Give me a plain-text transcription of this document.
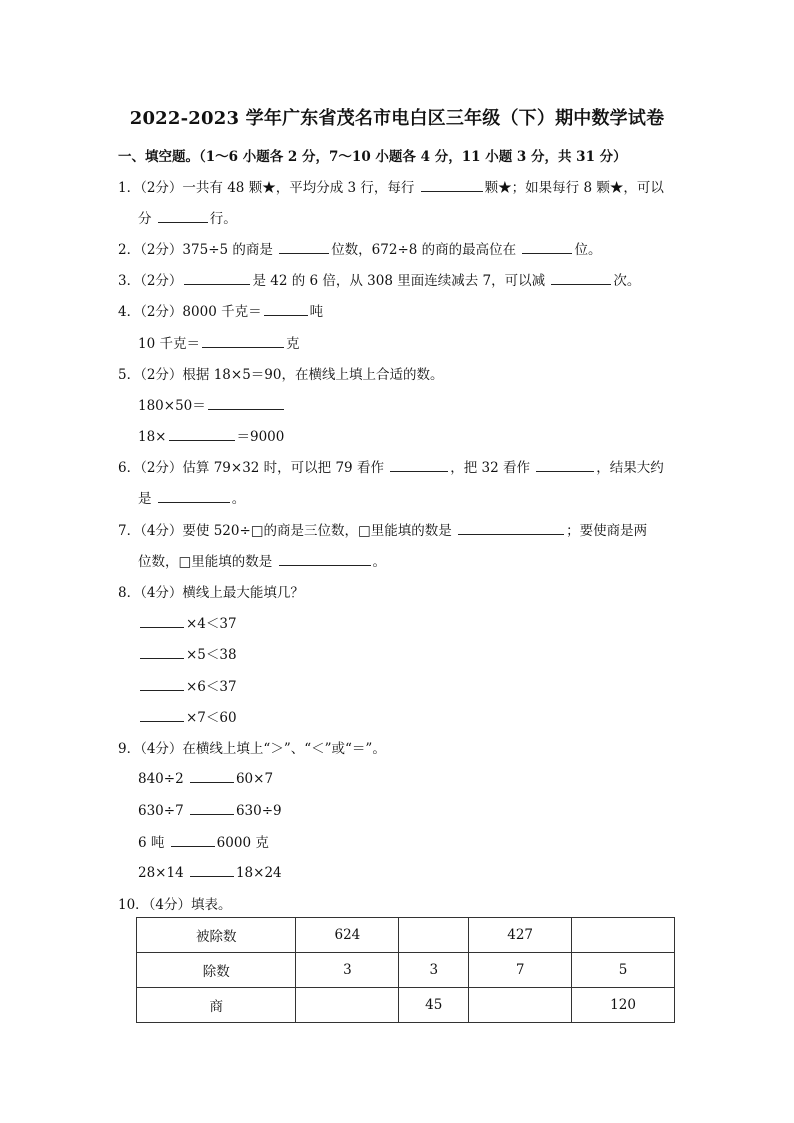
2022-2023 学年广东省茂名市电白区三年级（下）期中数学试卷
一、填空题。（1～6 小题各 2 分，7～10 小题各 4 分，11 小题 3 分，共 31 分）
1．（2分）一共有 48 颗★，平均分成 3 行，每行	颗★；如果每行 8 颗★，可以
分	行。
2．（2分）375÷5 的商是	位数，672÷8 的商的最高位在	位。
3．（2分）	是 42 的 6 倍，从 308 里面连续减去 7，可以减	次。
4．（2分）8000 千克＝	吨
10 千克＝	克
5．（2分）根据 18×5＝90，在横线上填上合适的数。
180×50＝
18×	＝9000
6．（2分）估算 79×32 时，可以把 79 看作	，把 32 看作	，结果大约
是	。
7．（4分）要使 520÷□的商是三位数，□里能填的数是	；要使商是两
位数，□里能填的数是	。
8．（4分）横线上最大能填几？
×4＜37
×5＜38
×6＜37
×7＜60
9．（4分）在横线上填上“＞”、“＜”或“＝”。
840÷2	60×7
630÷7	630÷9
6 吨	6000 克
28×14	18×24
10．（4分）填表。
被除数	624		427	
除数	3	3	7	5
商		45		120
